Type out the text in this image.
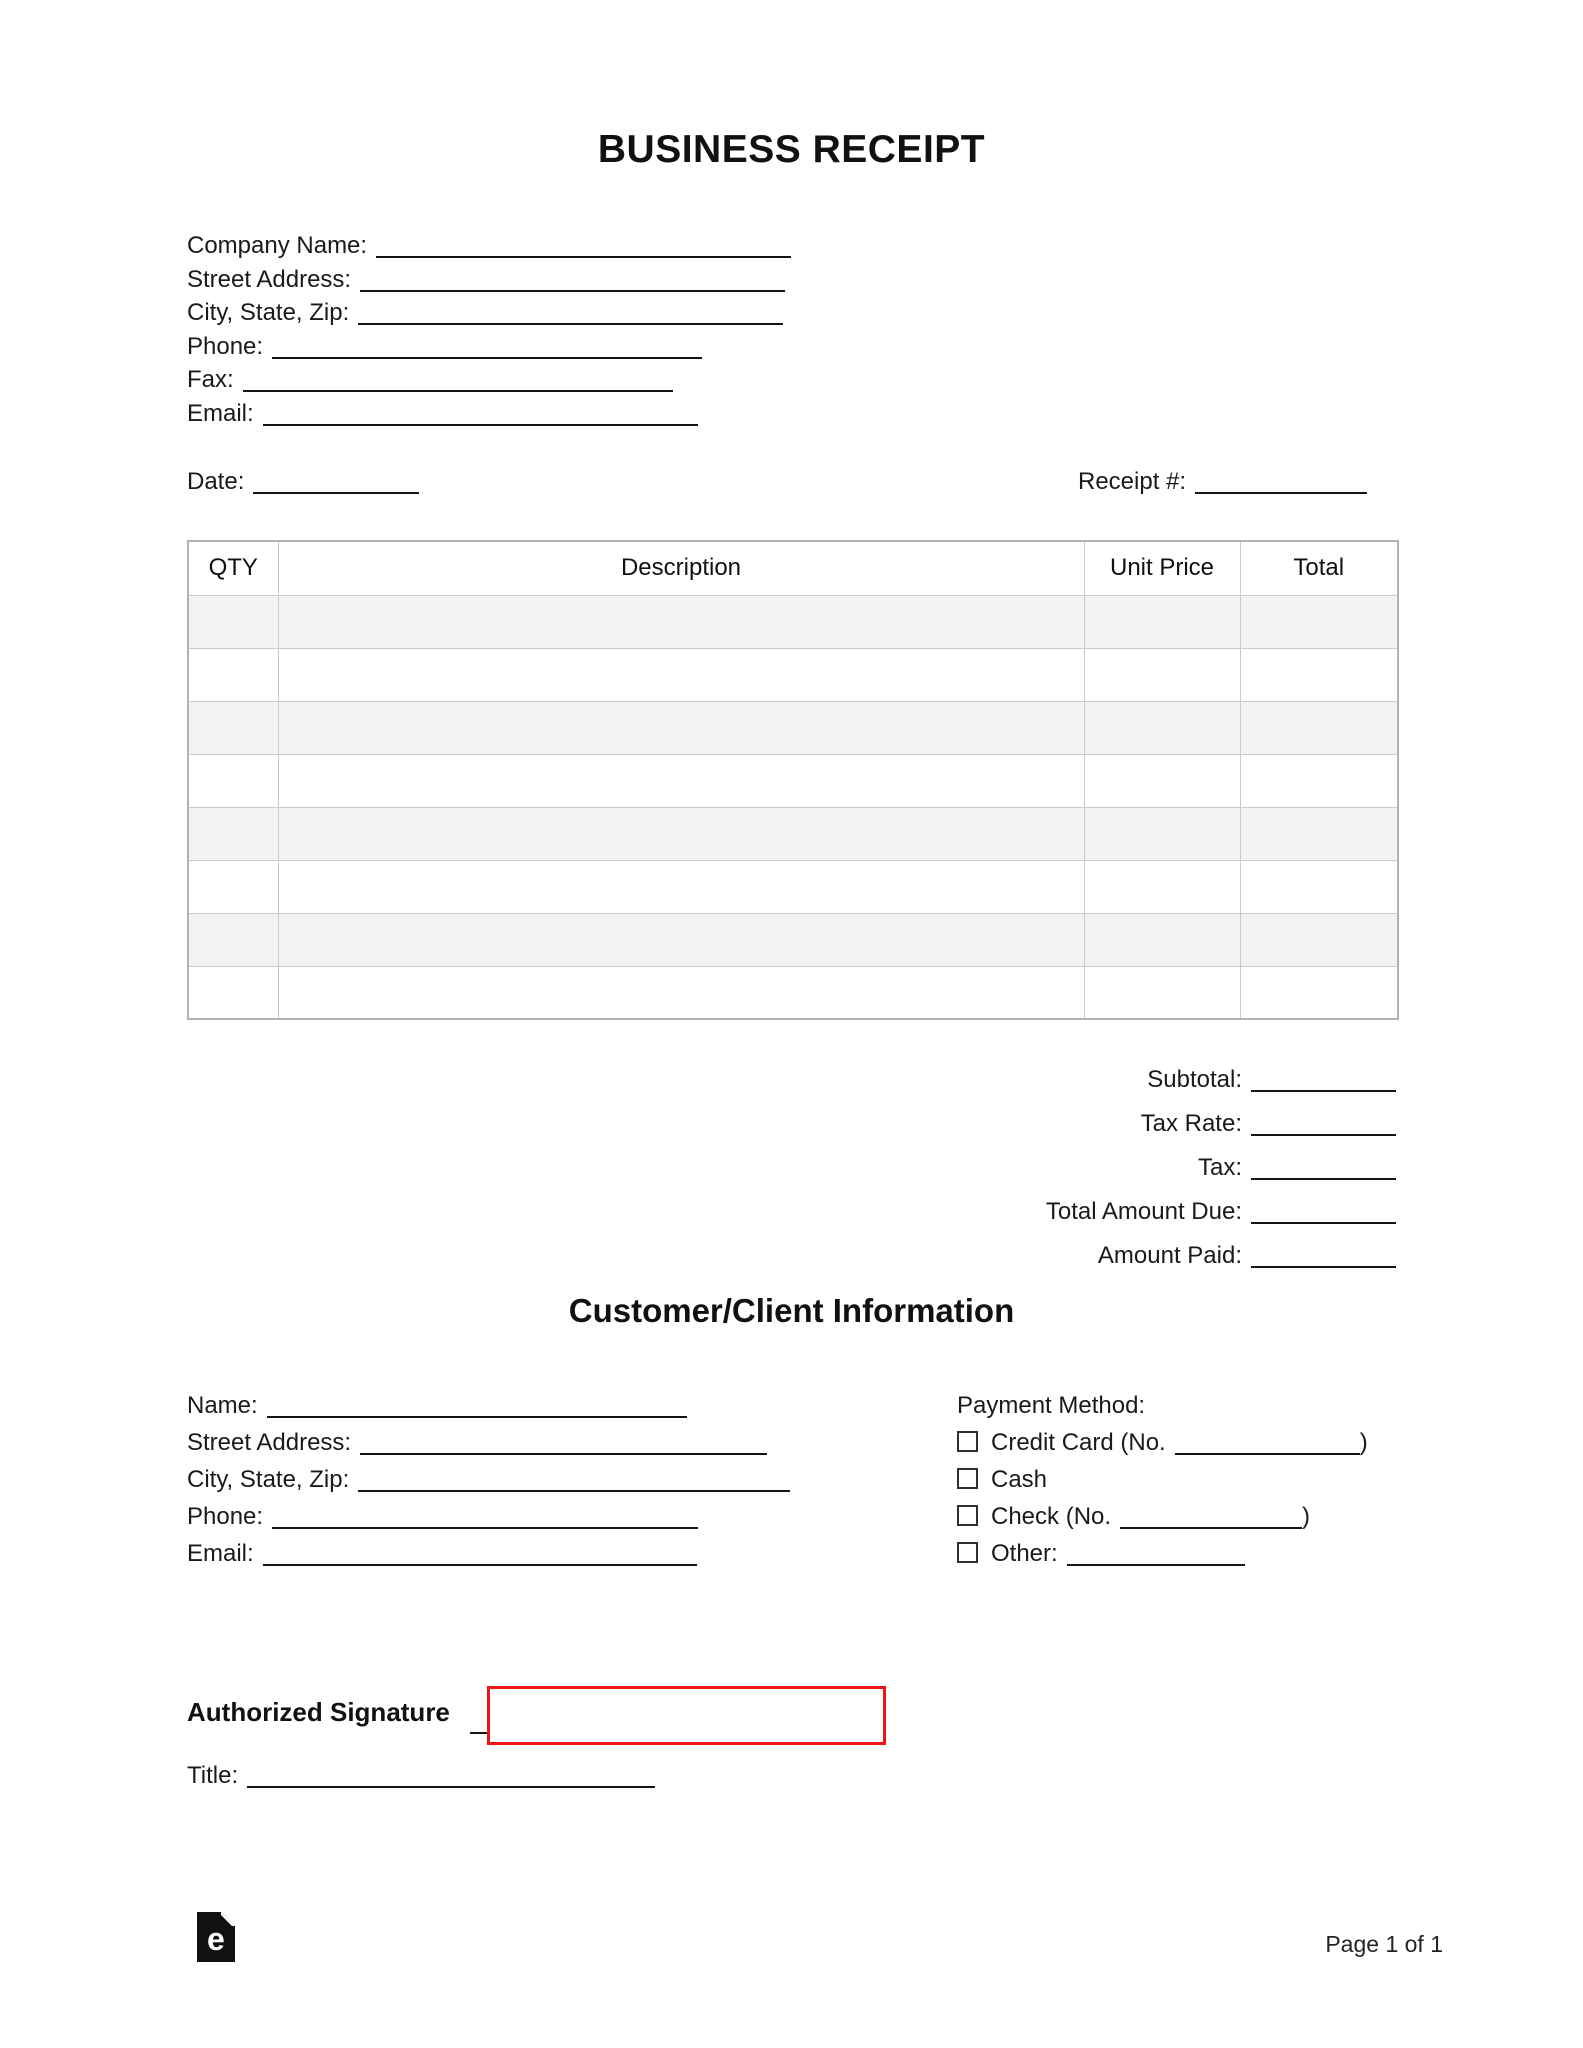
BUSINESS RECEIPT
Company Name:
Street Address:
City, State, Zip:
Phone:
Fax:
Email:
Date:	Receipt #:
QTY	Description	Unit Price	Total

Subtotal:
Tax Rate:
Tax:
Total Amount Due:
Amount Paid:
Customer/Client Information
Name:
Street Address:
City, State, Zip:
Phone:
Email:
Payment Method:
Credit Card (No.	)
Cash
Check (No.	)
Other:
Authorized Signature
Title:
e	Page 1 of 1
